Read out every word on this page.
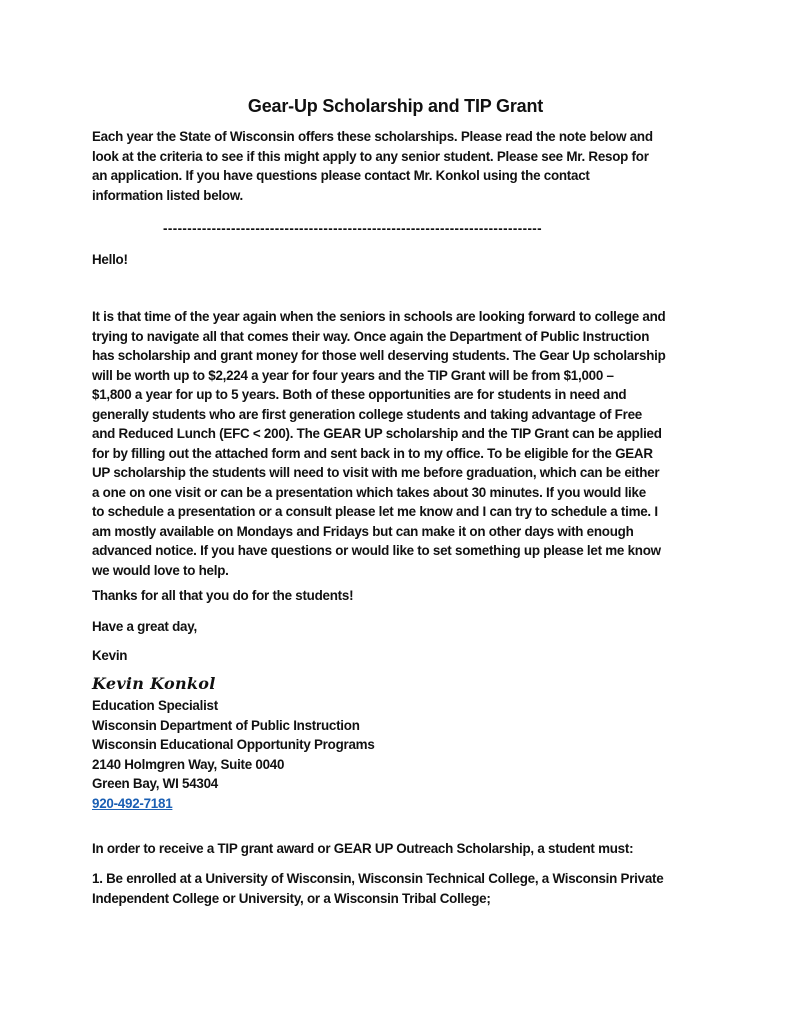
Gear-Up Scholarship and TIP Grant
Each year the State of Wisconsin offers these scholarships. Please read the note below and
look at the criteria to see if this might apply to any senior student. Please see Mr. Resop for
an application. If you have questions please contact Mr. Konkol using the contact
information listed below.
------------------------------------------------------------------------------
Hello!
It is that time of the year again when the seniors in schools are looking forward to college and
trying to navigate all that comes their way. Once again the Department of Public Instruction
has scholarship and grant money for those well deserving students. The Gear Up scholarship
will be worth up to $2,224 a year for four years and the TIP Grant will be from $1,000 –
$1,800 a year for up to 5 years. Both of these opportunities are for students in need and
generally students who are first generation college students and taking advantage of Free
and Reduced Lunch (EFC < 200). The GEAR UP scholarship and the TIP Grant can be applied
for by filling out the attached form and sent back in to my office. To be eligible for the GEAR
UP scholarship the students will need to visit with me before graduation, which can be either
a one on one visit or can be a presentation which takes about 30 minutes. If you would like
to schedule a presentation or a consult please let me know and I can try to schedule a time. I
am mostly available on Mondays and Fridays but can make it on other days with enough
advanced notice. If you have questions or would like to set something up please let me know
we would love to help.
Thanks for all that you do for the students!
Have a great day,
Kevin
Kevin Konkol
Education Specialist
Wisconsin Department of Public Instruction
Wisconsin Educational Opportunity Programs
2140 Holmgren Way, Suite 0040
Green Bay, WI 54304
920-492-7181
In order to receive a TIP grant award or GEAR UP Outreach Scholarship, a student must:
1. Be enrolled at a University of Wisconsin, Wisconsin Technical College, a Wisconsin Private
Independent College or University, or a Wisconsin Tribal College;
